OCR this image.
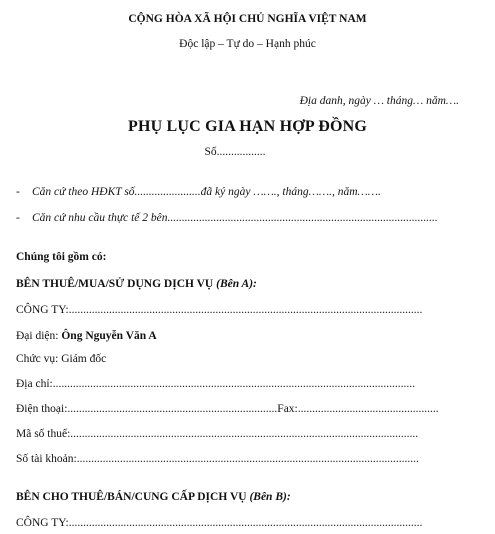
CỘNG HÒA XÃ HỘI CHỦ NGHĨA VIỆT NAM
Độc lập – Tự do – Hạnh phúc
Địa danh, ngày … tháng… năm….
PHỤ LỤC GIA HẠN HỢP ĐỒNG
Số.................
- Căn cứ theo HĐKT số.......................đã ký ngày ……., tháng……., năm…….
- Căn cứ nhu cầu thực tế 2 bên..............................................................................................
Chúng tôi gồm có:
BÊN THUÊ/MUA/SỬ DỤNG DỊCH VỤ (Bên A):
CÔNG TY:...........................................................................................................................
Đại diện: Ông Nguyễn Văn A
Chức vụ: Giám đốc
Địa chỉ:..............................................................................................................................
Điện thoại:.........................................................................Fax:.................................................
Mã số thuế:.........................................................................................................................
Số tài khoản:.......................................................................................................................
BÊN CHO THUÊ/BÁN/CUNG CẤP DỊCH VỤ (Bên B):
CÔNG TY:...........................................................................................................................
